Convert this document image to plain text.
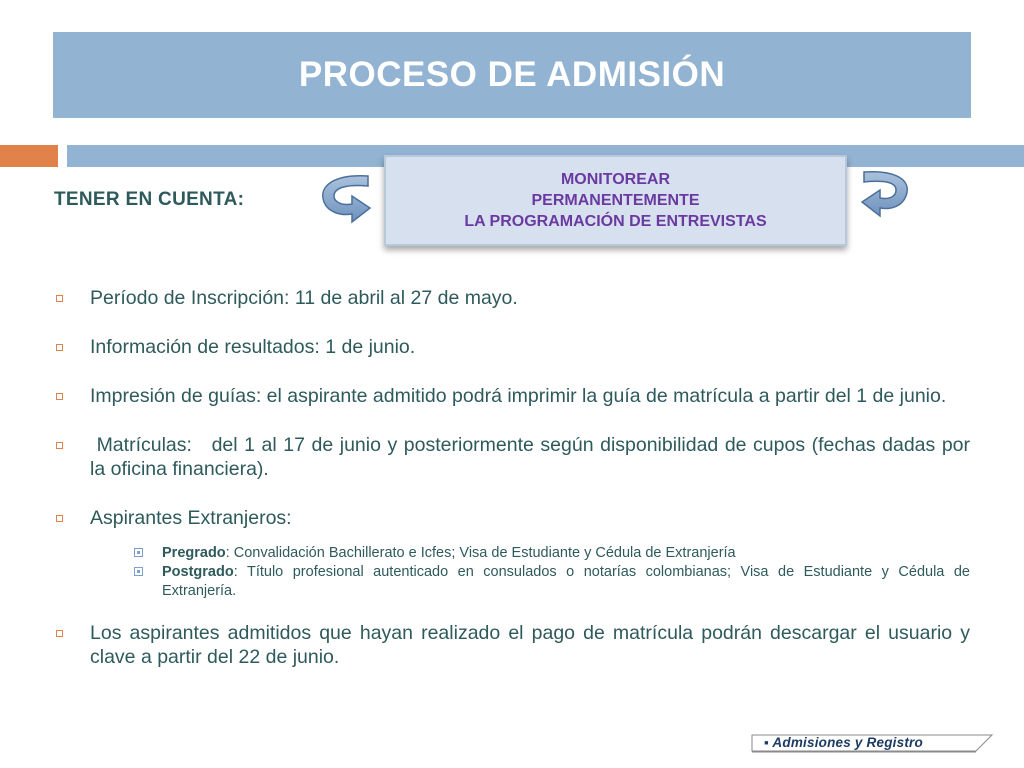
PROCESO DE ADMISIÓN
MONITOREAR
PERMANENTEMENTE
LA PROGRAMACIÓN DE ENTREVISTAS
TENER EN CUENTA:
Período de Inscripción: 11 de abril al 27 de mayo.
Información de resultados: 1 de junio.
Impresión de guías: el aspirante admitido podrá imprimir la guía de matrícula a partir del 1 de junio.
Matrículas:   del 1 al 17 de junio y posteriormente según disponibilidad de cupos (fechas dadas por la oficina financiera).
Aspirantes Extranjeros:
Pregrado: Convalidación Bachillerato e Icfes; Visa de Estudiante y Cédula de Extranjería
Postgrado: Título profesional autenticado en consulados o notarías colombianas; Visa de Estudiante y Cédula de Extranjería.
Los aspirantes admitidos que hayan realizado el pago de matrícula podrán descargar el usuario y clave a partir del 22 de junio.
▪ Admisiones y Registro
